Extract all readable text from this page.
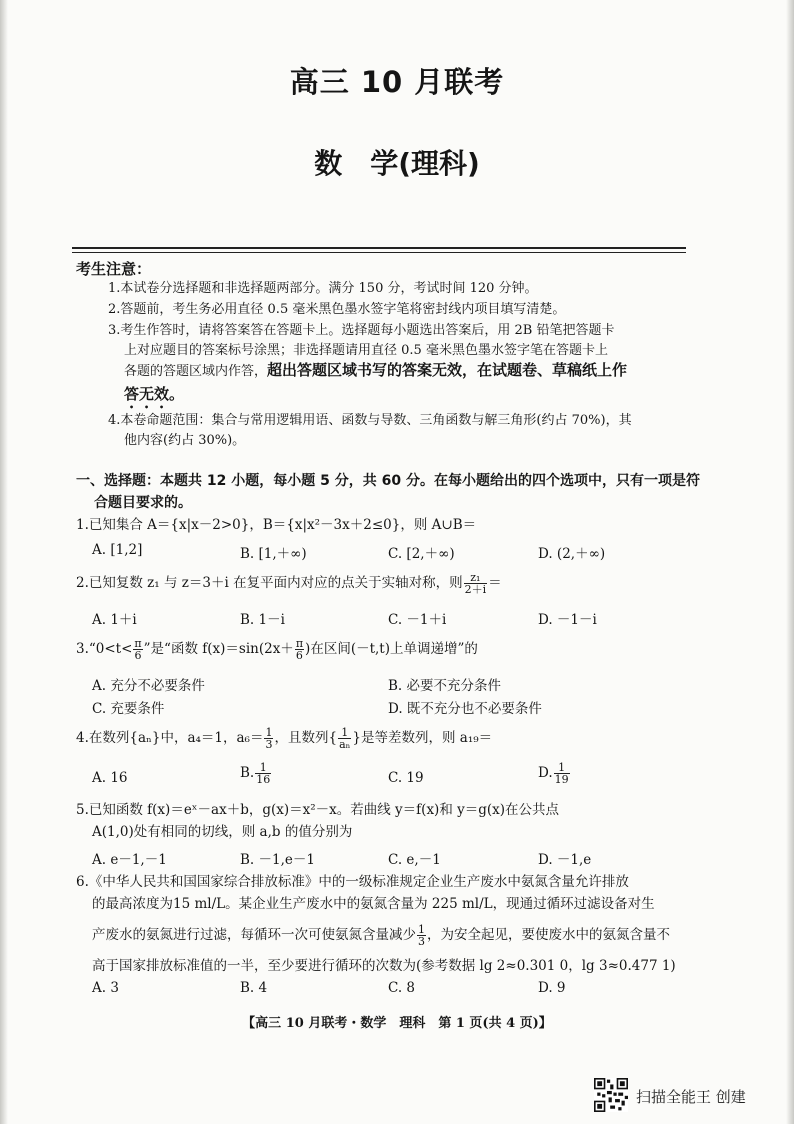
高三 10 月联考
数　学(理科)
考生注意：
1.本试卷分选择题和非选择题两部分。满分 150 分，考试时间 120 分钟。
2.答题前，考生务必用直径 0.5 毫米黑色墨水签字笔将密封线内项目填写清楚。
3.考生作答时，请将答案答在答题卡上。选择题每小题选出答案后，用 2B 铅笔把答题卡
上对应题目的答案标号涂黑；非选择题请用直径 0.5 毫米黑色墨水签字笔在答题卡上
各题的答题区域内作答，超出答题区域书写的答案无效，在试题卷、草稿纸上作
答无效。
4.本卷命题范围：集合与常用逻辑用语、函数与导数、三角函数与解三角形(约占 70%)，其
他内容(约占 30%)。
一、选择题：本题共 12 小题，每小题 5 分，共 60 分。在每小题给出的四个选项中，只有一项是符
合题目要求的。
1.已知集合 A＝{x|x－2>0}，B＝{x|x²－3x＋2≤0}，则 A∪B＝
A. [1,2]	B. [1,＋∞)	C. [2,＋∞)	D. (2,＋∞)
2.已知复数 z₁ 与 z＝3＋i 在复平面内对应的点关于实轴对称，则 $\frac{\text{z₁}}{2+i}$ ＝
A. 1＋i	B. 1－i	C. －1＋i	D. －1－i
3.“0<t< $\frac{\pi}{6}$ ”是“函数 $f(x)=\sin(2x+ \frac{\pi}{6}$ )在区间(－t,t)上单调递增”的
A. 充分不必要条件	B. 必要不充分条件
C. 充要条件	D. 既不充分也不必要条件
4.在数列{aₙ}中，a₄＝1，$a_6= \frac{1}{3}$ ，且数列{ $\frac{1}{\text{aₙ}}$ }是等差数列，则 a₁₉＝
A. 16	B. $\frac{1}{16}$	C. 19	D. $\frac{1}{19}$
5.已知函数 f(x)＝eˣ－ax＋b，g(x)＝x²－x。若曲线 y＝f(x)和 y＝g(x)在公共点
A(1,0)处有相同的切线，则 a,b 的值分别为
A. e－1,－1	B. －1,e－1	C. e,－1	D. －1,e
6.《中华人民共和国国家综合排放标准》中的一级标准规定企业生产废水中氨氮含量允许排放
的最高浓度为15 ml/L。某企业生产废水中的氨氮含量为 225 ml/L，现通过循环过滤设备对生
产废水的氨氮进行过滤，每循环一次可使氨氮含量减少 $\frac{1}{3}$ ，为安全起见，要使废水中的氨氮含量不
高于国家排放标准值的一半，至少要进行循环的次数为(参考数据 lg 2≈0.301 0，lg 3≈0.477 1)
A. 3	B. 4	C. 8	D. 9
【高三 10 月联考・数学　理科　第 1 页(共 4 页)】
扫描全能王 创建
